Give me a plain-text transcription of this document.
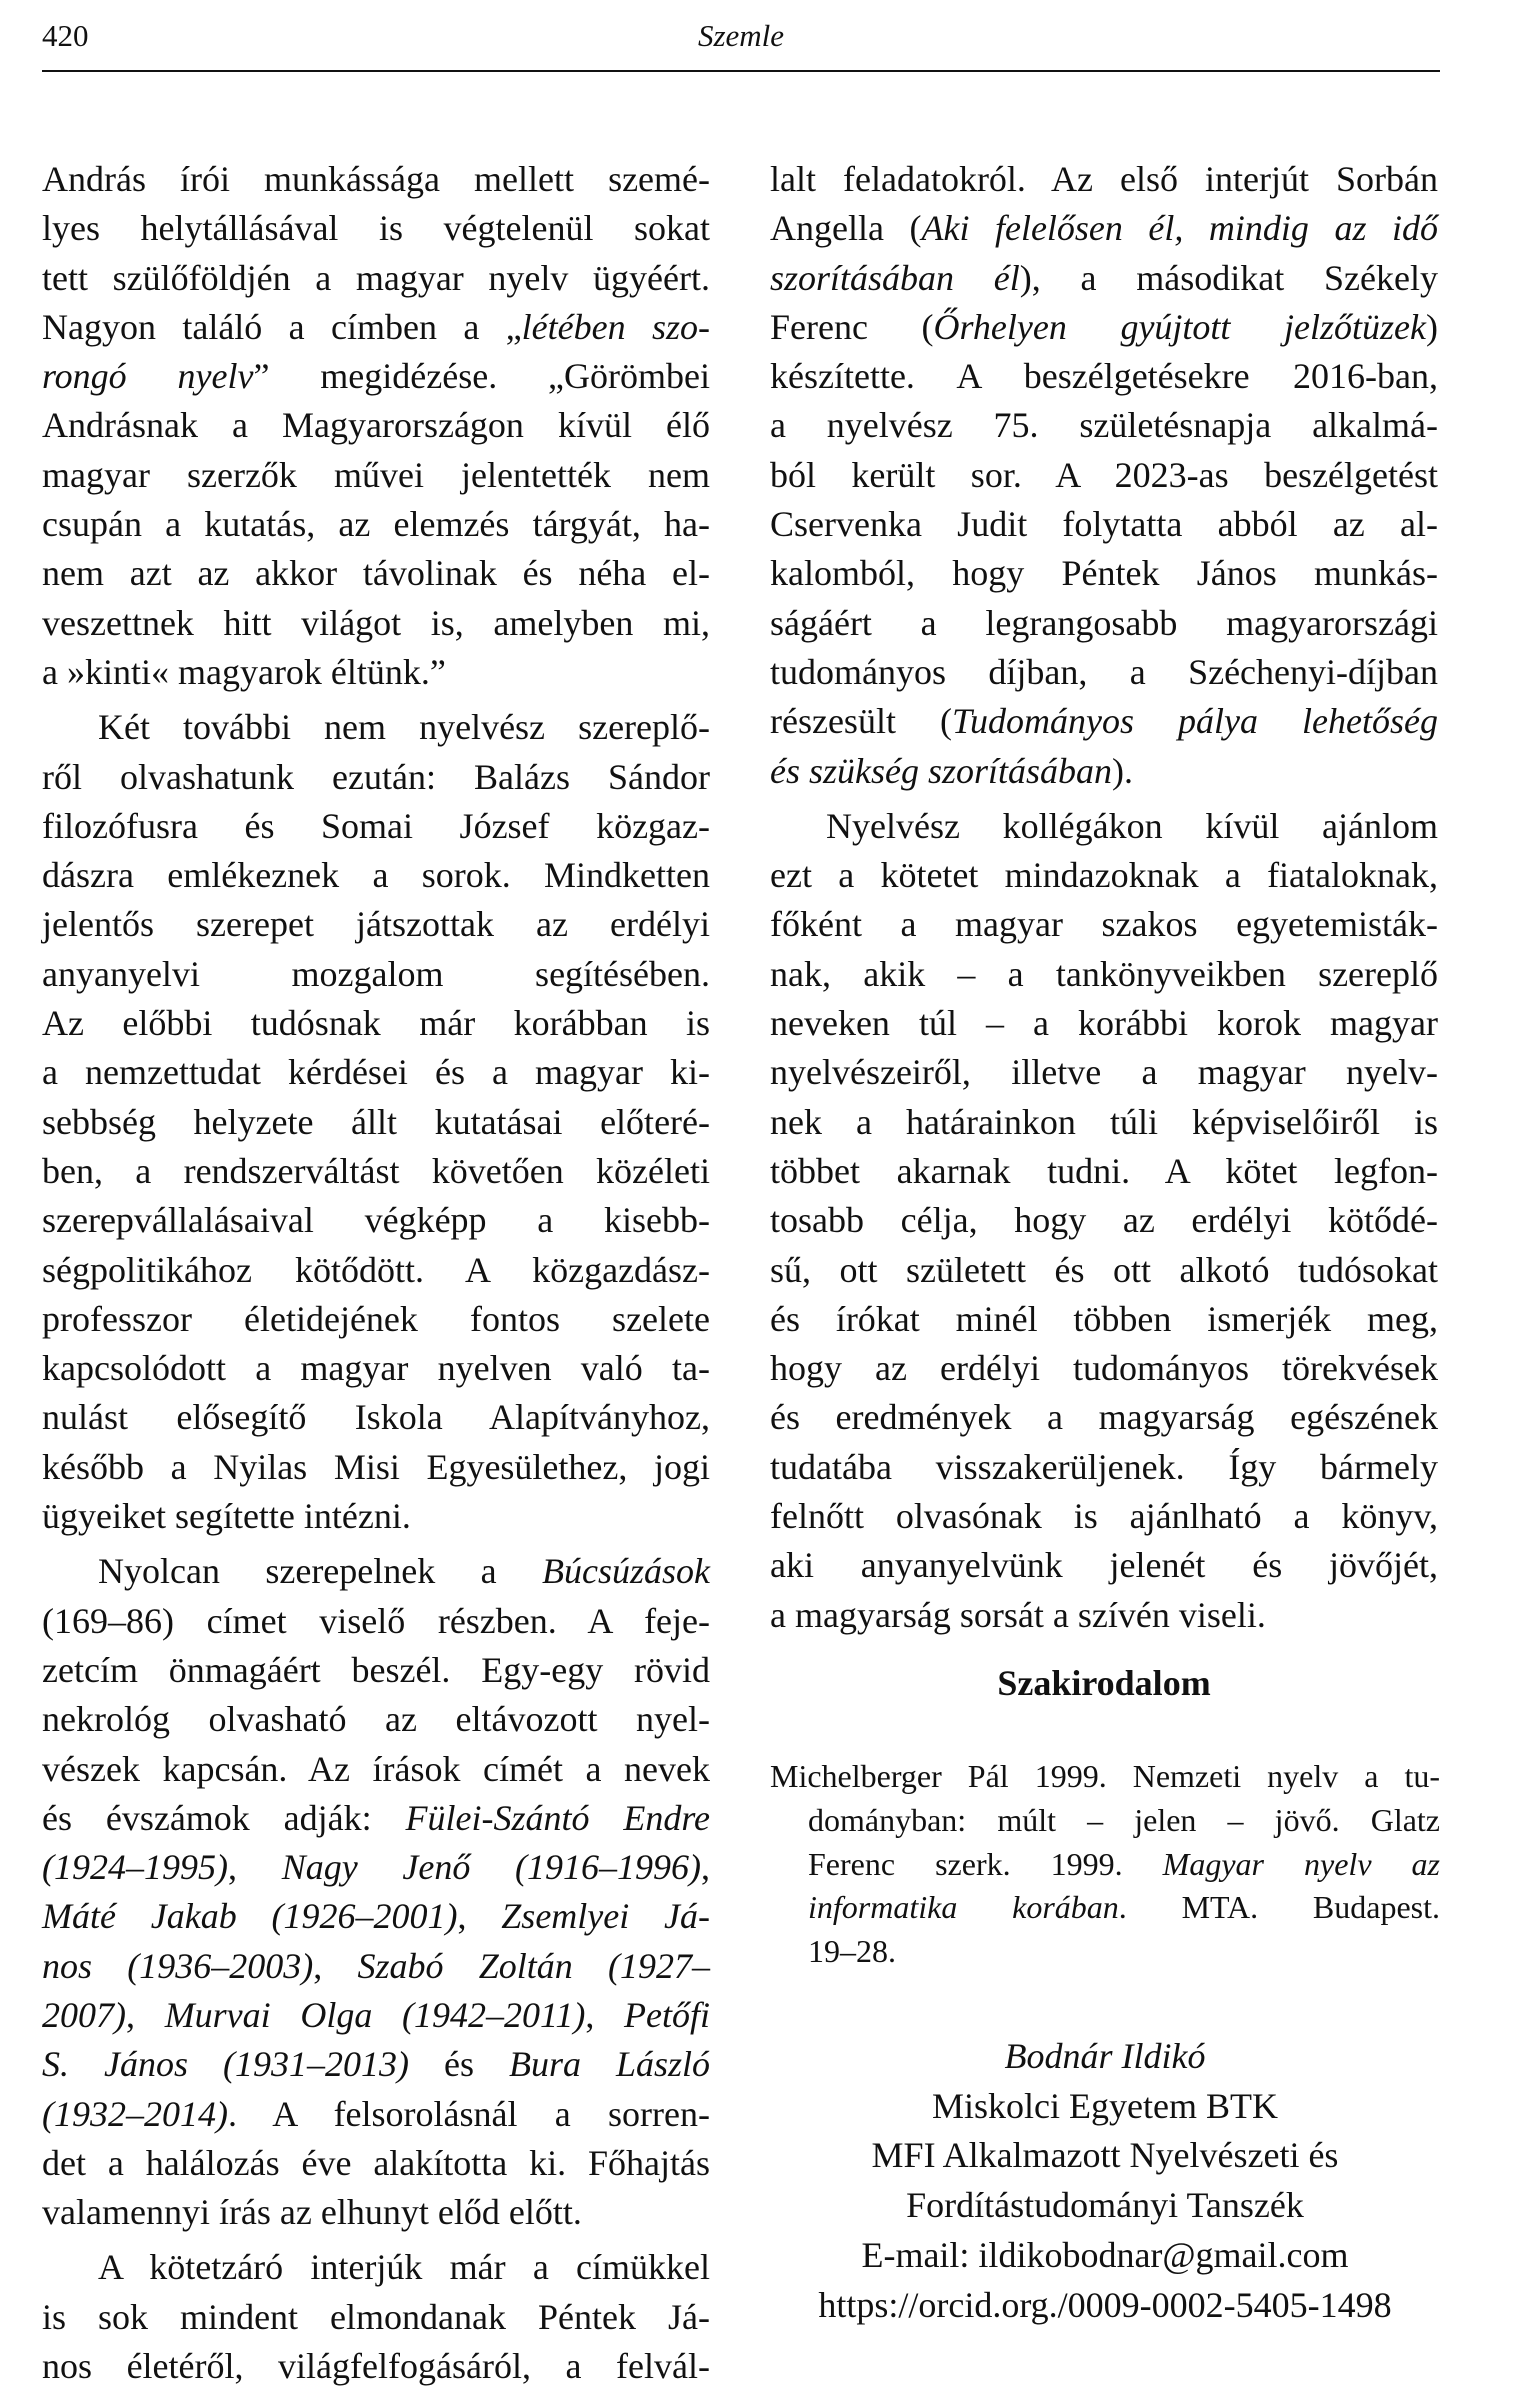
420	Szemle

András írói munkássága mellett szemé-

lyes helytállásával is végtelenül sokat

tett szülőföldjén a magyar nyelv ügyéért.

Nagyon találó a címben a „létében szo-

rongó nyelv” megidézése. „Görömbei

Andrásnak a Magyarországon kívül élő

magyar szerzők művei jelentették nem

csupán a kutatás, az elemzés tárgyát, ha-

nem azt az akkor távolinak és néha el-

veszettnek hitt világot is, amelyben mi,

a »kinti« magyarok éltünk.”

Két további nem nyelvész szereplő-

ről olvashatunk ezután: Balázs Sándor

filozófusra és Somai József közgaz-

dászra emlékeznek a sorok. Mindketten

jelentős szerepet játszottak az erdélyi

anyanyelvi mozgalom segítésében.

Az előbbi tudósnak már korábban is

a nemzettudat kérdései és a magyar ki-

sebbség helyzete állt kutatásai előteré-

ben, a rendszerváltást követően közéleti

szerepvállalásaival végképp a kisebb-

ségpolitikához kötődött. A közgazdász-

professzor életidejének fontos szelete

kapcsolódott a magyar nyelven való ta-

nulást elősegítő Iskola Alapítványhoz,

később a Nyilas Misi Egyesülethez, jogi

ügyeiket segítette intézni.

Nyolcan szerepelnek a Búcsúzások

(169–86) címet viselő részben. A feje-

zetcím önmagáért beszél. Egy-egy rövid

nekrológ olvasható az eltávozott nyel-

vészek kapcsán. Az írások címét a nevek

és évszámok adják: Fülei-Szántó Endre

(1924–1995), Nagy Jenő (1916–1996),

Máté Jakab (1926–2001), Zsemlyei Já-

nos (1936–2003), Szabó Zoltán (1927–

2007), Murvai Olga (1942–2011), Petőfi

S. János (1931–2013) és Bura László

(1932–2014). A felsorolásnál a sorren-

det a halálozás éve alakította ki. Főhajtás

valamennyi írás az elhunyt előd előtt.

A kötetzáró interjúk már a címükkel

is sok mindent elmondanak Péntek Já-

nos életéről, világfelfogásáról, a felvál-

lalt feladatokról. Az első interjút Sorbán

Angella (Aki felelősen él, mindig az idő

szorításában él), a másodikat Székely

Ferenc (Őrhelyen gyújtott jelzőtüzek)

készítette. A beszélgetésekre 2016-ban,

a nyelvész 75. születésnapja alkalmá-

ból került sor. A 2023-as beszélgetést

Cservenka Judit folytatta abból az al-

kalomból, hogy Péntek János munkás-

ságáért a legrangosabb magyarországi

tudományos díjban, a Széchenyi-díjban

részesült (Tudományos pálya lehetőség

és szükség szorításában).

Nyelvész kollégákon kívül ajánlom

ezt a kötetet mindazoknak a fiataloknak,

főként a magyar szakos egyetemisták-

nak, akik – a tankönyveikben szereplő

neveken túl – a korábbi korok magyar

nyelvészeiről, illetve a magyar nyelv-

nek a határainkon túli képviselőiről is

többet akarnak tudni. A kötet legfon-

tosabb célja, hogy az erdélyi kötődé-

sű, ott született és ott alkotó tudósokat

és írókat minél többen ismerjék meg,

hogy az erdélyi tudományos törekvések

és eredmények a magyarság egészének

tudatába visszakerüljenek. Így bármely

felnőtt olvasónak is ajánlható a könyv,

aki anyanyelvünk jelenét és jövőjét,

a magyarság sorsát a szívén viseli.

Szakirodalom

Michelberger Pál 1999. Nemzeti nyelv a tu-

dományban: múlt – jelen – jövő. Glatz

Ferenc szerk. 1999. Magyar nyelv az

informatika korában. MTA. Budapest.

19–28.

Bodnár Ildikó
Miskolci Egyetem BTK
MFI Alkalmazott Nyelvészeti és
Fordítástudományi Tanszék
E-mail: ildikobodnar@gmail.com
https://orcid.org./0009-0002-5405-1498
